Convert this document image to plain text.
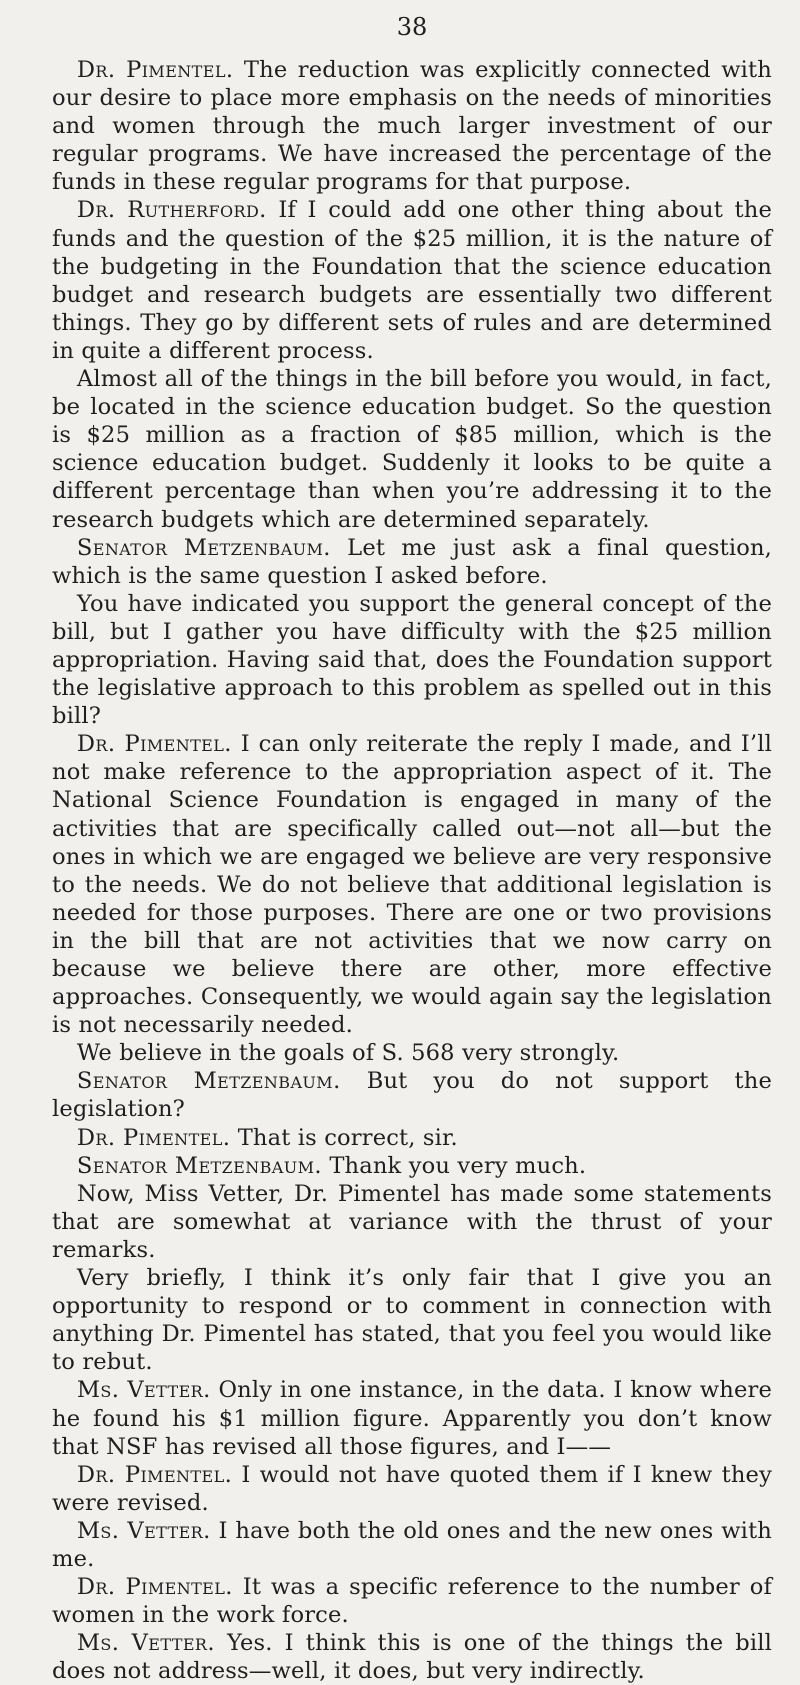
38

Dr. Pimentel. The reduction was explicitly connected with our desire to place more emphasis on the needs of minorities and women through the much larger investment of our regular programs. We have increased the percentage of the funds in these regular programs for that purpose.

Dr. Rutherford. If I could add one other thing about the funds and the question of the $25 million, it is the nature of the budgeting in the Foundation that the science education budget and research budgets are essentially two different things. They go by different sets of rules and are determined in quite a different process.

Almost all of the things in the bill before you would, in fact, be located in the science education budget. So the question is $25 million as a fraction of $85 million, which is the science education budget. Suddenly it looks to be quite a different percentage than when you’re addressing it to the research budgets which are determined separately.

Senator Metzenbaum. Let me just ask a final question, which is the same question I asked before.

You have indicated you support the general concept of the bill, but I gather you have difficulty with the $25 million appropriation. Having said that, does the Foundation support the legislative approach to this problem as spelled out in this bill?

Dr. Pimentel. I can only reiterate the reply I made, and I’ll not make reference to the appropriation aspect of it. The National Science Foundation is engaged in many of the activities that are specifically called out—not all—but the ones in which we are engaged we believe are very responsive to the needs. We do not believe that additional legislation is needed for those purposes. There are one or two provisions in the bill that are not activities that we now carry on because we believe there are other, more effective approaches. Consequently, we would again say the legislation is not necessarily needed.

We believe in the goals of S. 568 very strongly.

Senator Metzenbaum. But you do not support the legislation?

Dr. Pimentel. That is correct, sir.

Senator Metzenbaum. Thank you very much.

Now, Miss Vetter, Dr. Pimentel has made some statements that are somewhat at variance with the thrust of your remarks.

Very briefly, I think it’s only fair that I give you an opportunity to respond or to comment in connection with anything Dr. Pimentel has stated, that you feel you would like to rebut.

Ms. Vetter. Only in one instance, in the data. I know where he found his $1 million figure. Apparently you don’t know that NSF has revised all those figures, and I——

Dr. Pimentel. I would not have quoted them if I knew they were revised.

Ms. Vetter. I have both the old ones and the new ones with me.

Dr. Pimentel. It was a specific reference to the number of women in the work force.

Ms. Vetter. Yes. I think this is one of the things the bill does not address—well, it does, but very indirectly.
